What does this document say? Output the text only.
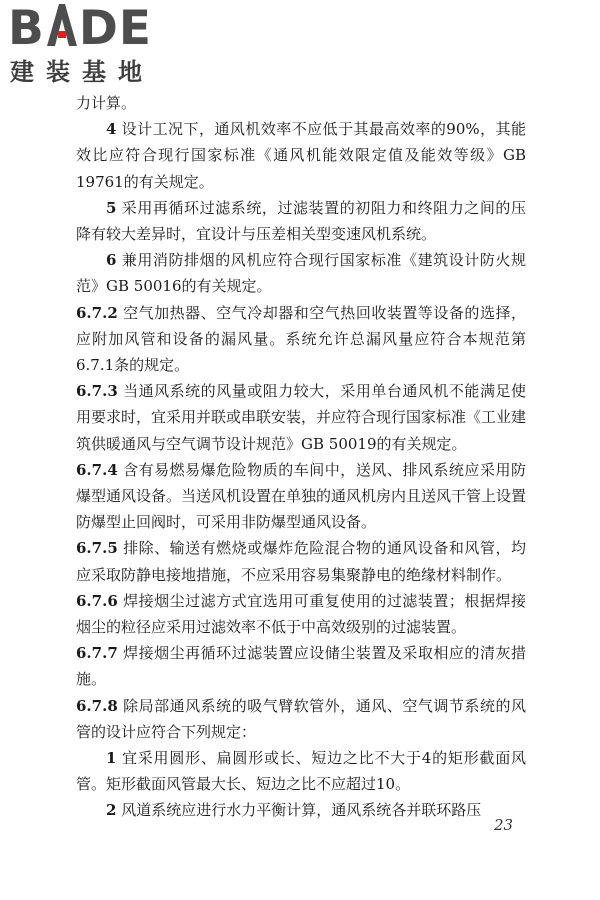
B DE
建装基地

力计算。

4 设计工况下，通风机效率不应低于其最高效率的90%，其能效比应符合现行国家标准《通风机能效限定值及能效等级》GB 19761的有关规定。

5 采用再循环过滤系统，过滤装置的初阻力和终阻力之间的压降有较大差异时，宜设计与压差相关型变速风机系统。

6 兼用消防排烟的风机应符合现行国家标准《建筑设计防火规范》GB 50016的有关规定。

6.7.2 空气加热器、空气冷却器和空气热回收装置等设备的选择，应附加风管和设备的漏风量。系统允许总漏风量应符合本规范第6.7.1条的规定。

6.7.3 当通风系统的风量或阻力较大，采用单台通风机不能满足使用要求时，宜采用并联或串联安装，并应符合现行国家标准《工业建筑供暖通风与空气调节设计规范》GB 50019的有关规定。

6.7.4 含有易燃易爆危险物质的车间中，送风、排风系统应采用防爆型通风设备。当送风机设置在单独的通风机房内且送风干管上设置防爆型止回阀时，可采用非防爆型通风设备。

6.7.5 排除、输送有燃烧或爆炸危险混合物的通风设备和风管，均应采取防静电接地措施，不应采用容易集聚静电的绝缘材料制作。

6.7.6 焊接烟尘过滤方式宜选用可重复使用的过滤装置；根据焊接烟尘的粒径应采用过滤效率不低于中高效级别的过滤装置。

6.7.7 焊接烟尘再循环过滤装置应设储尘装置及采取相应的清灰措施。

6.7.8 除局部通风系统的吸气臂软管外，通风、空气调节系统的风管的设计应符合下列规定：

1 宜采用圆形、扁圆形或长、短边之比不大于4的矩形截面风管。矩形截面风管最大长、短边之比不应超过10。

2 风道系统应进行水力平衡计算，通风系统各并联环路压

23
